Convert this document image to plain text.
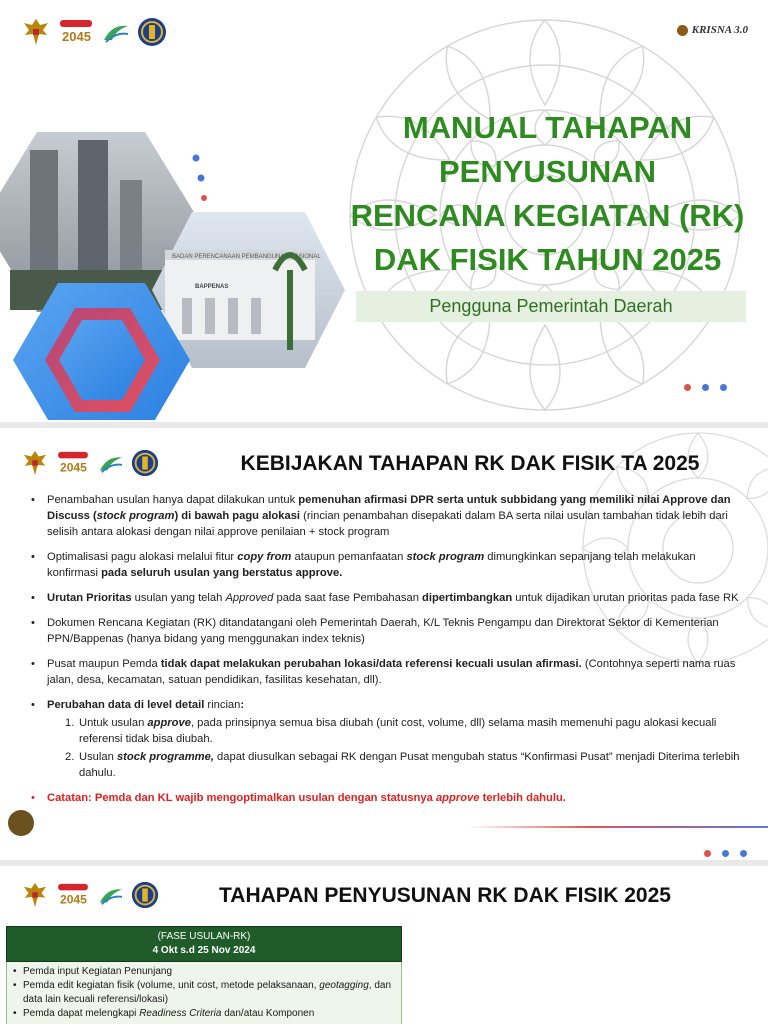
2045	KRISNA 3.0
BADAN PERENCANAAN PEMBANGUNAN NASIONAL
BAPPENAS
MANUAL TAHAPAN
PENYUSUNAN
RENCANA KEGIATAN (RK)
DAK FISIK TAHUN 2025
Pengguna Pemerintah Daerah
2045	KEBIJAKAN TAHAPAN RK DAK FISIK TA 2025
• Penambahan usulan hanya dapat dilakukan untuk pemenuhan afirmasi DPR serta untuk subbidang yang memiliki nilai Approve dan Discuss (stock program) di bawah pagu alokasi (rincian penambahan disepakati dalam BA serta nilai usulan tambahan tidak lebih dari selisih antara alokasi dengan nilai approve penilaian + stock program
• Optimalisasi pagu alokasi melalui fitur copy from ataupun pemanfaatan stock program dimungkinkan sepanjang telah melakukan konfirmasi pada seluruh usulan yang berstatus approve.
• Urutan Prioritas usulan yang telah Approved pada saat fase Pembahasan dipertimbangkan untuk dijadikan urutan prioritas pada fase RK
• Dokumen Rencana Kegiatan (RK) ditandatangani oleh Pemerintah Daerah, K/L Teknis Pengampu dan Direktorat Sektor di Kementerian PPN/Bappenas (hanya bidang yang menggunakan index teknis)
• Pusat maupun Pemda tidak dapat melakukan perubahan lokasi/data referensi kecuali usulan afirmasi. (Contohnya seperti nama ruas jalan, desa, kecamatan, satuan pendidikan, fasilitas kesehatan, dll).
• Perubahan data di level detail rincian:
1. Untuk usulan approve, pada prinsipnya semua bisa diubah (unit cost, volume, dll) selama masih memenuhi pagu alokasi kecuali referensi tidak bisa diubah.
2. Usulan stock programme, dapat diusulkan sebagai RK dengan Pusat mengubah status “Konfirmasi Pusat” menjadi Diterima terlebih dahulu.
• Catatan: Pemda dan KL wajib mengoptimalkan usulan dengan statusnya approve terlebih dahulu.
2045	TAHAPAN PENYUSUNAN RK DAK FISIK 2025
(FASE USULAN-RK)
4 Okt s.d 25 Nov 2024
• Pemda input Kegiatan Penunjang
• Pemda edit kegiatan fisik (volume, unit cost, metode pelaksanaan, geotagging, dan data lain kecuali referensi/lokasi)
• Pemda dapat melengkapi Readiness Criteria dan/atau Komponen
